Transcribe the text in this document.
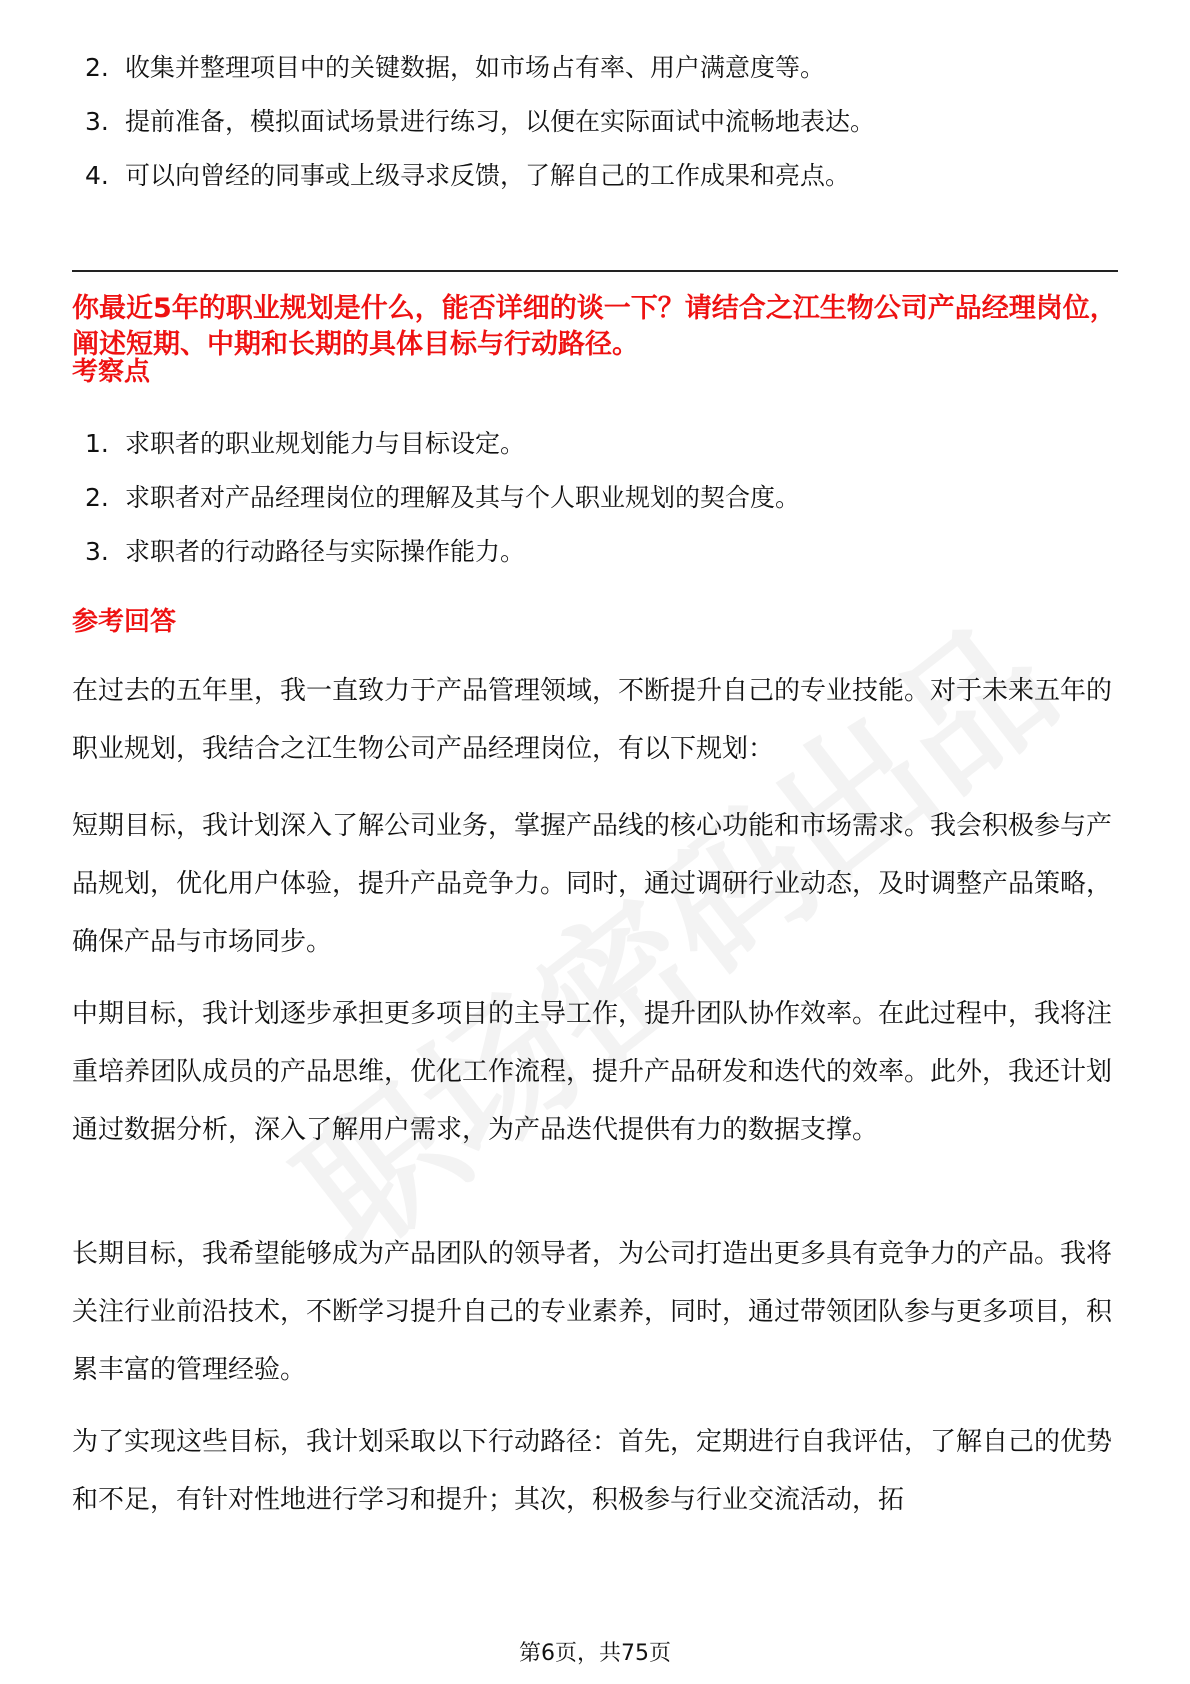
2. 收集并整理项目中的关键数据，如市场占有率、用户满意度等。
3. 提前准备，模拟面试场景进行练习，以便在实际面试中流畅地表达。
4. 可以向曾经的同事或上级寻求反馈，了解自己的工作成果和亮点。
你最近5年的职业规划是什么，能否详细的谈一下？请结合之江生物公司产品经理岗位，阐述短期、中期和长期的具体目标与行动路径。
考察点
1. 求职者的职业规划能力与目标设定。
2. 求职者对产品经理岗位的理解及其与个人职业规划的契合度。
3. 求职者的行动路径与实际操作能力。
参考回答

在过去的五年里，我一直致力于产品管理领域，不断提升自己的专业技能。对于未来五年的职业规划，我结合之江生物公司产品经理岗位，有以下规划：

短期目标，我计划深入了解公司业务，掌握产品线的核心功能和市场需求。我会积极参与产品规划，优化用户体验，提升产品竞争力。同时，通过调研行业动态，及时调整产品策略，确保产品与市场同步。

中期目标，我计划逐步承担更多项目的主导工作，提升团队协作效率。在此过程中，我将注重培养团队成员的产品思维，优化工作流程，提升产品研发和迭代的效率。此外，我还计划通过数据分析，深入了解用户需求，为产品迭代提供有力的数据支撑。

长期目标，我希望能够成为产品团队的领导者，为公司打造出更多具有竞争力的产品。我将关注行业前沿技术，不断学习提升自己的专业素养，同时，通过带领团队参与更多项目，积累丰富的管理经验。

为了实现这些目标，我计划采取以下行动路径：首先，定期进行自我评估，了解自己的优势和不足，有针对性地进行学习和提升；其次，积极参与行业交流活动，拓

第6页，共75页
